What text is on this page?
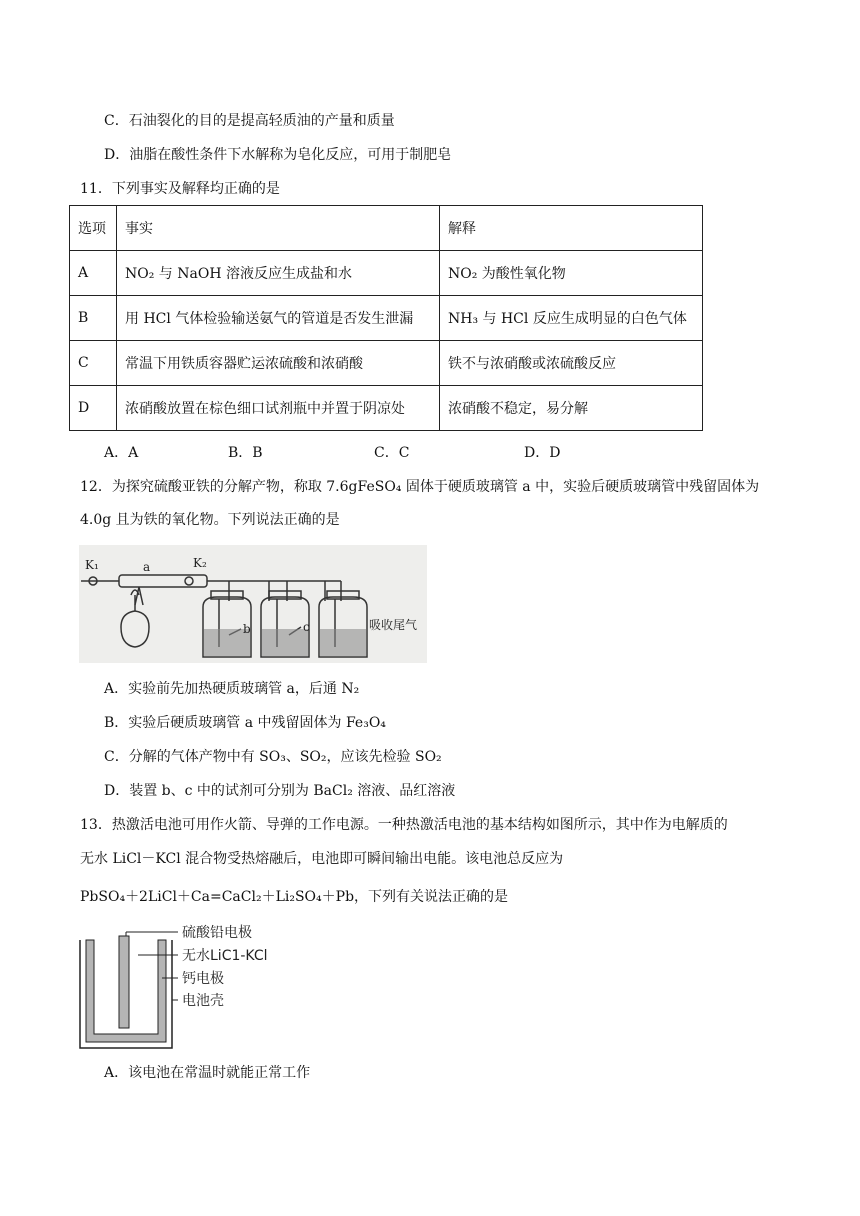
C．石油裂化的目的是提高轻质油的产量和质量
D．油脂在酸性条件下水解称为皂化反应，可用于制肥皂
11．下列事实及解释均正确的是
选项	事实	解释
A	NO₂ 与 NaOH 溶液反应生成盐和水	NO₂ 为酸性氧化物
B	用 HCl 气体检验输送氨气的管道是否发生泄漏	NH₃ 与 HCl 反应生成明显的白色气体
C	常温下用铁质容器贮运浓硫酸和浓硝酸	铁不与浓硝酸或浓硫酸反应
D	浓硝酸放置在棕色细口试剂瓶中并置于阴凉处	浓硝酸不稳定，易分解
A．A	B．B	C．C	D．D
12．为探究硫酸亚铁的分解产物，称取 7.6gFeSO₄ 固体于硬质玻璃管 a 中，实验后硬质玻璃管中残留固体为
4.0g 且为铁的氧化物。下列说法正确的是
K₁	a	K₂
b	c	吸收尾气
A．实验前先加热硬质玻璃管 a，后通 N₂
B．实验后硬质玻璃管 a 中残留固体为 Fe₃O₄
C．分解的气体产物中有 SO₃、SO₂，应该先检验 SO₂
D．装置 b、c 中的试剂可分别为 BaCl₂ 溶液、品红溶液
13．热激活电池可用作火箭、导弹的工作电源。一种热激活电池的基本结构如图所示，其中作为电解质的
无水 LiCl－KCl 混合物受热熔融后，电池即可瞬间输出电能。该电池总反应为
PbSO₄＋2LiCl＋Ca=CaCl₂＋Li₂SO₄＋Pb，下列有关说法正确的是
硫酸铅电极
无水LiC1-KCl
钙电极
电池壳
A．该电池在常温时就能正常工作
